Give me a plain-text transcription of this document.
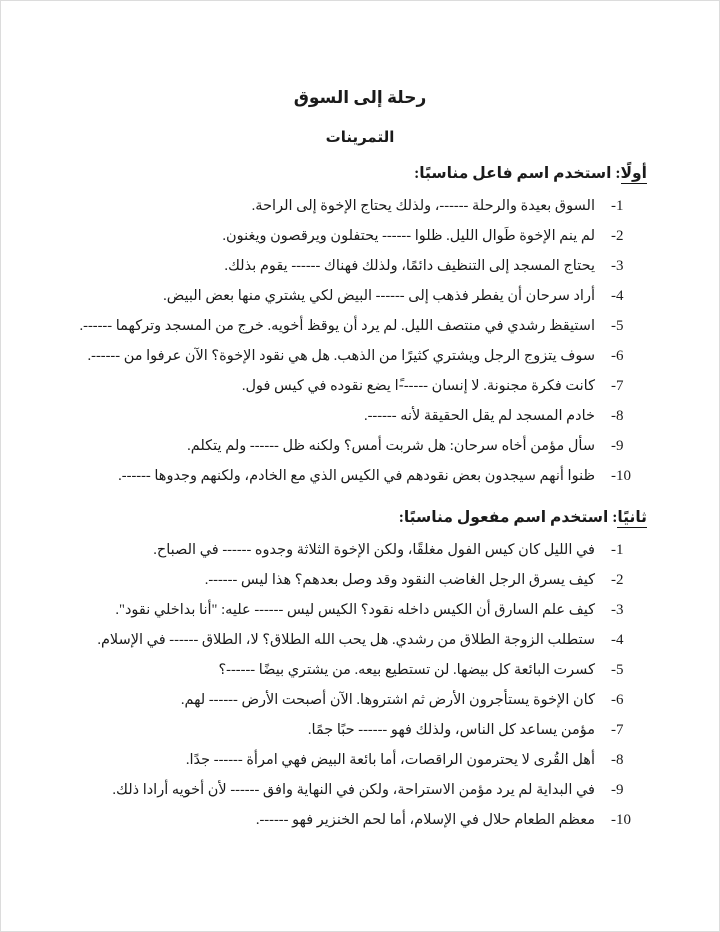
رحلة إلى السوق
التمرينات
أولًا: استخدم اسم فاعل مناسبًا:
1-
السوق بعيدة والرحلة ------، ولذلك يحتاج الإخوة إلى الراحة.
2-
لم ينم الإخوة طَوال الليل. ظلوا ------ يحتفلون ويرقصون ويغنون.
3-
يحتاج المسجد إلى التنظيف دائمًا، ولذلك فهناك ------ يقوم بذلك.
4-
أراد سرحان أن يفطر فذهب إلى ------ البيض لكي يشتري منها بعض البيض.
5-
استيقظ رشدي في منتصف الليل. لم يرد أن يوقظ أخويه. خرج من المسجد وتركهما ------.
6-
سوف يتزوج الرجل ويشتري كثيرًا من الذهب. هل هي نقود الإخوة؟ الآن عرفوا من ------.
7-
كانت فكرة مجنونة. لا إنسان ------ًا يضع نقوده في كيس فول.
8-
خادم المسجد لم يقل الحقيقة لأنه ------.
9-
سأل مؤمن أخاه سرحان: هل شربت أمس؟ ولكنه ظل ------ ولم يتكلم.
10-
ظنوا أنهم سيجدون بعض نقودهم في الكيس الذي مع الخادم، ولكنهم وجدوها ------.
ثانيًا: استخدم اسم مفعول مناسبًا:
1-
في الليل كان كيس الفول مغلقًا، ولكن الإخوة الثلاثة وجدوه ------ في الصباح.
2-
كيف يسرق الرجل الغاضب النقود وقد وصل بعدهم؟ هذا ليس ------.
3-
كيف علم السارق أن الكيس داخله نقود؟ الكيس ليس ------ عليه: "أنا بداخلي نقود".
4-
ستطلب الزوجة الطلاق من رشدي. هل يحب الله الطلاق؟ لا، الطلاق ------ في الإسلام.
5-
كسرت البائعة كل بيضها. لن تستطيع بيعه. من يشتري بيضًا ------؟
6-
كان الإخوة يستأجرون الأرض ثم اشتروها. الآن أصبحت الأرض ------ لهم.
7-
مؤمن يساعد كل الناس، ولذلك فهو ------ حبًا جمًا.
8-
أهل القُرى لا يحترمون الراقصات، أما بائعة البيض فهي امرأة ------ جدًا.
9-
في البداية لم يرد مؤمن الاستراحة، ولكن في النهاية وافق ------ لأن أخويه أرادا ذلك.
10-
معظم الطعام حلال في الإسلام، أما لحم الخنزير فهو ------.
